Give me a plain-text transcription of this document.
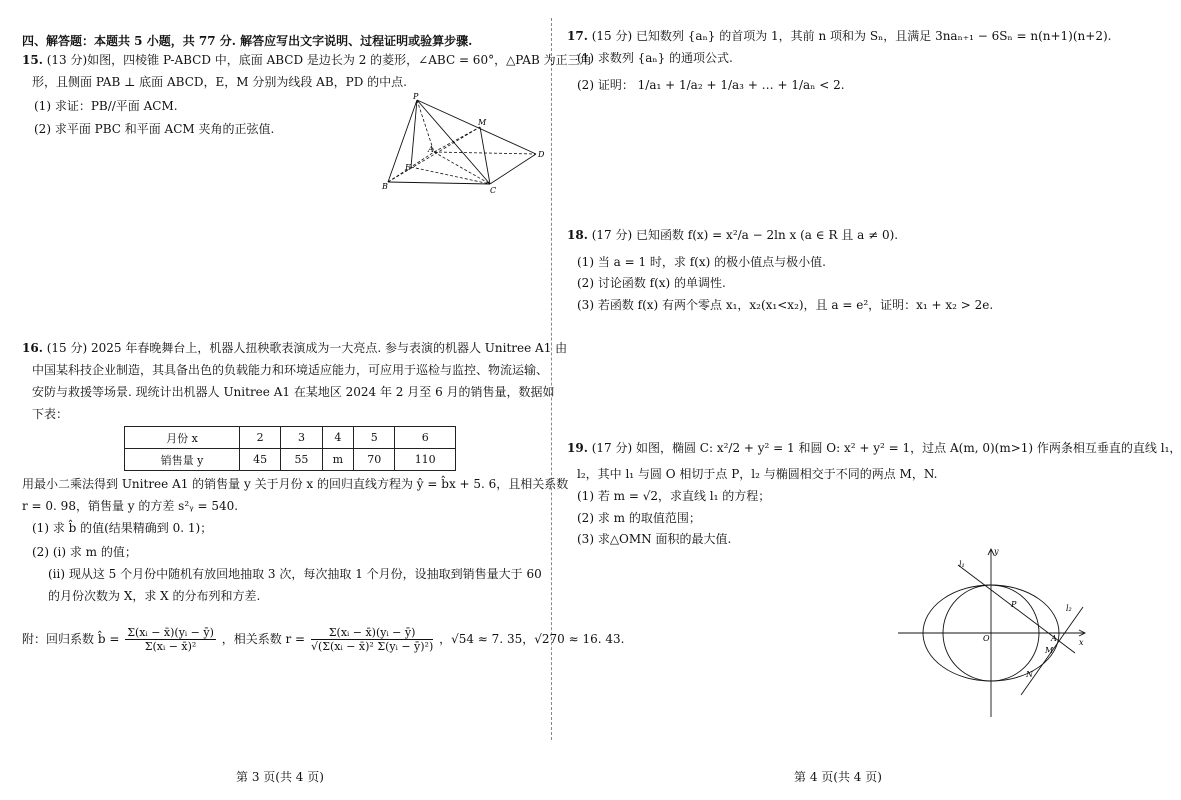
四、解答题：本题共 5 小题，共 77 分. 解答应写出文字说明、过程证明或验算步骤.
15. (13 分)如图，四棱锥 P-ABCD 中，底面 ABCD 是边长为 2 的菱形，∠ABC = 60°，△PAB 为正三角
形，且侧面 PAB ⊥ 底面 ABCD，E，M 分别为线段 AB，PD 的中点.
(1) 求证：PB//平面 ACM.
(2) 求平面 PBC 和平面 ACM 夹角的正弦值.
P
M
A
D
E
B	C
16. (15 分) 2025 年春晚舞台上，机器人扭秧歌表演成为一大亮点. 参与表演的机器人 Unitree A1 由
中国某科技企业制造，其具备出色的负载能力和环境适应能力，可应用于巡检与监控、物流运输、
安防与救援等场景. 现统计出机器人 Unitree A1 在某地区 2024 年 2 月至 6 月的销售量，数据如
下表：
月份 x	2	3	4	5	6
销售量 y	45	55	m	70	110
用最小二乘法得到 Unitree A1 的销售量 y 关于月份 x 的回归直线方程为 ŷ = b̂x + 5. 6，且相关系数
r = 0. 98，销售量 y 的方差 s²ᵧ = 540.
(1) 求 b̂ 的值(结果精确到 0. 1)；
(2) (ⅰ) 求 m 的值；
(ⅱ) 现从这 5 个月份中随机有放回地抽取 3 次，每次抽取 1 个月份，设抽取到销售量大于 60
的月份次数为 X，求 X 的分布列和方差.
附：回归系数 b̂ = $\frac{\text{Σ(xᵢ − x̄)(yᵢ − ȳ)}}{\text{Σ(xᵢ − x̄)²}}$ ，相关系数 $r = \frac{\text{Σ(xᵢ − x̄)(yᵢ − ȳ)}}{\text{√(Σ(xᵢ − x̄)² Σ(yᵢ − ȳ)²)}}$ ，√54 ≈ 7. 35，√270 ≈ 16. 43.
第 3 页(共 4 页)
17. (15 分) 已知数列 {aₙ} 的首项为 1，其前 n 项和为 Sₙ，且满足 3naₙ₊₁ − 6Sₙ = n(n+1)(n+2).
(1) 求数列 {aₙ} 的通项公式.
(2) 证明： 1/a₁ + 1/a₂ + 1/a₃ + … + 1/aₙ < 2.
18. (17 分) 已知函数 f(x) = x²/a − 2ln x (a ∈ R 且 a ≠ 0).
(1) 当 a = 1 时，求 f(x) 的极小值点与极小值.
(2) 讨论函数 f(x) 的单调性.
(3) 若函数 f(x) 有两个零点 x₁，x₂(x₁<x₂)，且 a = e²，证明：x₁ + x₂ > 2e.
19. (17 分) 如图，椭圆 C: x²/2 + y² = 1 和圆 O: x² + y² = 1，过点 A(m, 0)(m>1) 作两条相互垂直的直线 l₁，
l₂，其中 l₁ 与圆 O 相切于点 P，l₂ 与椭圆相交于不同的两点 M，N.
(1) 若 m = √2，求直线 l₁ 的方程；
(2) 求 m 的取值范围；
(3) 求△OMN 面积的最大值.
y
x
O
P
A
M
N
l₁
l₂
第 4 页(共 4 页)
